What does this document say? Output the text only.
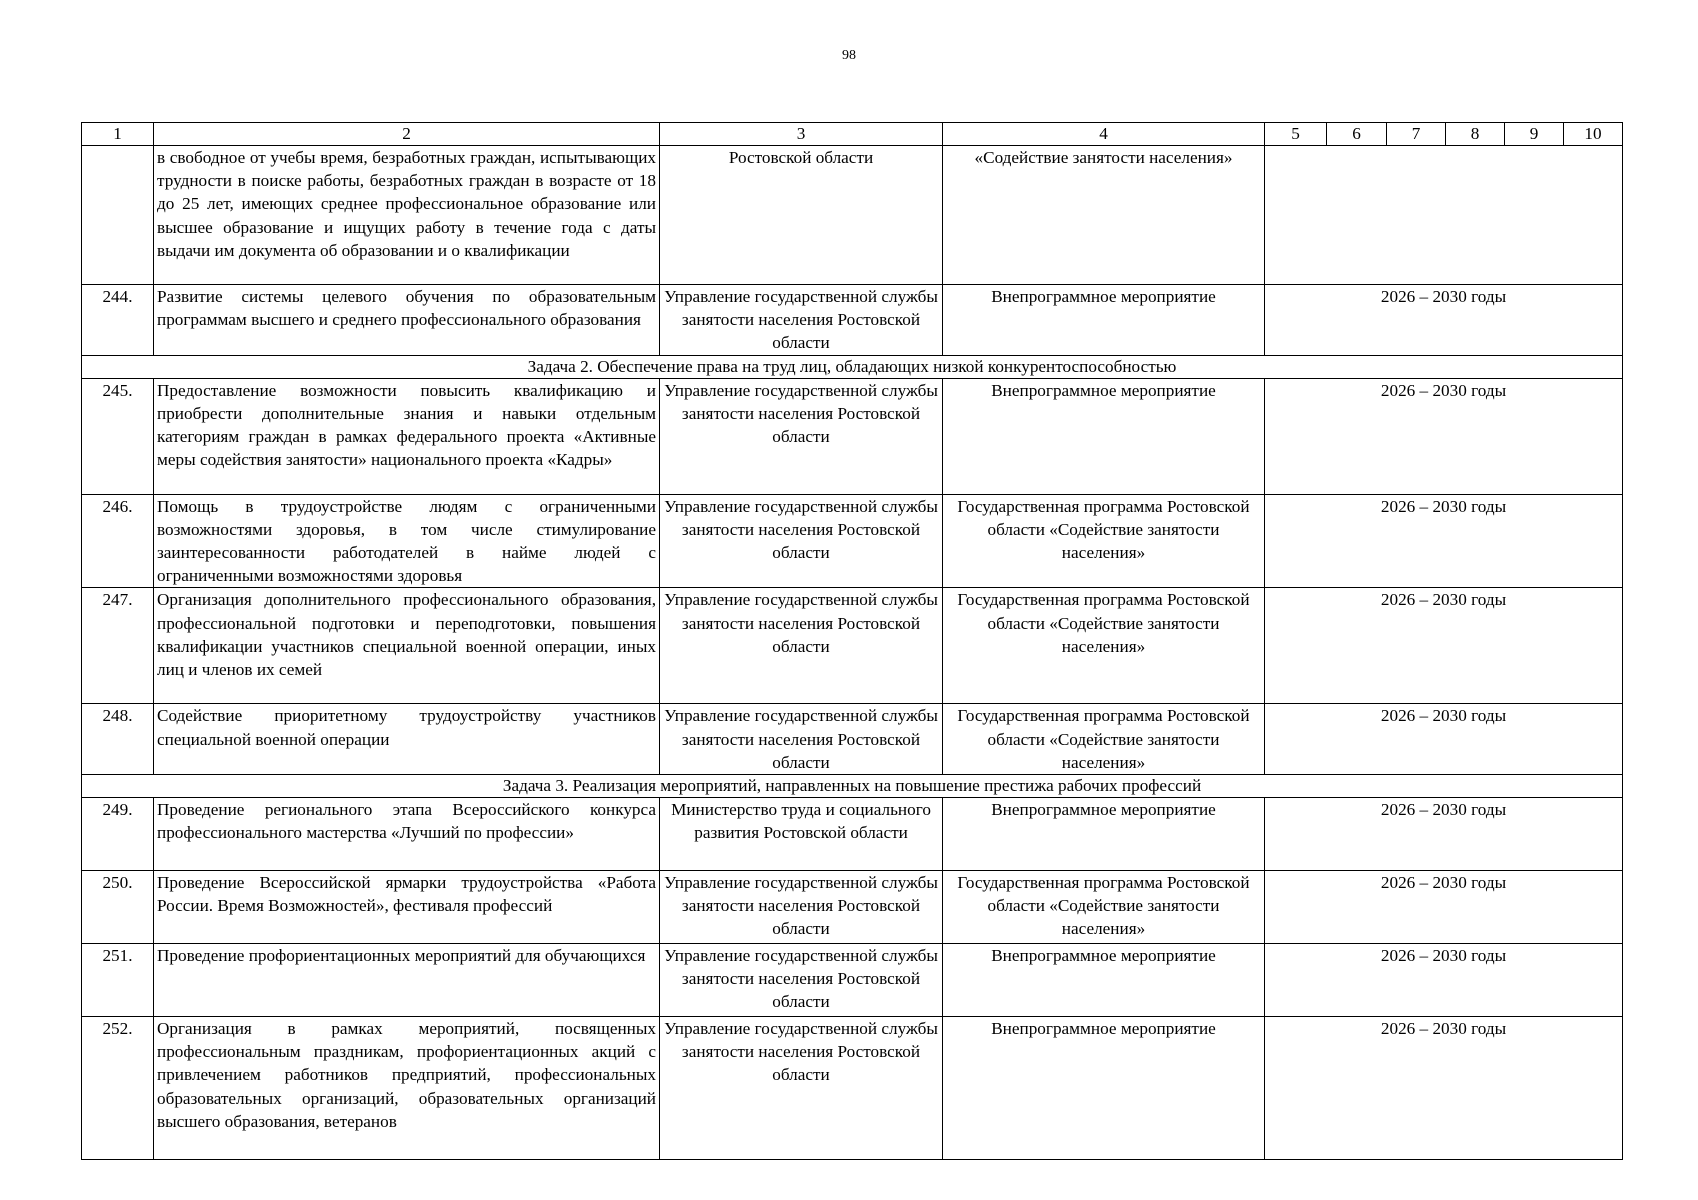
98
1	2	3	4	5	6	7	8	9	10
	в свободное от учебы время, безработных граждан, испытывающих трудности в поиске работы, безработных граждан в возрасте от 18 до 25 лет, имеющих среднее профессиональное образование или высшее образование и ищущих работу в течение года с даты выдачи им документа об образовании и о квалификации	Ростовской области	«Содействие занятости населения»						
244.	Развитие системы целевого обучения по образовательным программам высшего и среднего профессионального образования	Управление государственной службы занятости населения Ростовской области	Внепрограммное мероприятие	2026 – 2030 годы					
Задача 2. Обеспечение права на труд лиц, обладающих низкой конкурентоспособностью									
245.	Предоставление возможности повысить квалификацию и приобрести дополнительные знания и навыки отдельным категориям граждан в рамках федерального проекта «Активные меры содействия занятости» национального проекта «Кадры»	Управление государственной службы занятости населения Ростовской области	Внепрограммное мероприятие	2026 – 2030 годы					
246.	Помощь в трудоустройстве людям с ограниченными возможностями здоровья, в том числе стимулирование заинтересованности работодателей в найме людей с ограниченными возможностями здоровья	Управление государственной службы занятости населения Ростовской области	Государственная программа Ростовской области «Содействие занятости населения»	2026 – 2030 годы					
247.	Организация дополнительного профессионального образования, профессиональной подготовки и переподготовки, повышения квалификации участников специальной военной операции, иных лиц и членов их семей	Управление государственной службы занятости населения Ростовской области	Государственная программа Ростовской области «Содействие занятости населения»	2026 – 2030 годы					
248.	Содействие приоритетному трудоустройству участников специальной военной операции	Управление государственной службы занятости населения Ростовской области	Государственная программа Ростовской области «Содействие занятости населения»	2026 – 2030 годы					
Задача 3. Реализация мероприятий, направленных на повышение престижа рабочих профессий									
249.	Проведение регионального этапа Всероссийского конкурса профессионального мастерства «Лучший по профессии»	Министерство труда и социального развития Ростовской области	Внепрограммное мероприятие	2026 – 2030 годы					
250.	Проведение Всероссийской ярмарки трудоустройства «Работа России. Время Возможностей», фестиваля профессий	Управление государственной службы занятости населения Ростовской области	Государственная программа Ростовской области «Содействие занятости населения»	2026 – 2030 годы					
251.	Проведение профориентационных мероприятий для обучающихся	Управление государственной службы занятости населения Ростовской области	Внепрограммное мероприятие	2026 – 2030 годы					
252.	Организация в рамках мероприятий, посвященных профессиональным праздникам, профориентационных акций с привлечением работников предприятий, профессиональных образовательных организаций, образовательных организаций высшего образования, ветеранов	Управление государственной службы занятости населения Ростовской области	Внепрограммное мероприятие	2026 – 2030 годы					
